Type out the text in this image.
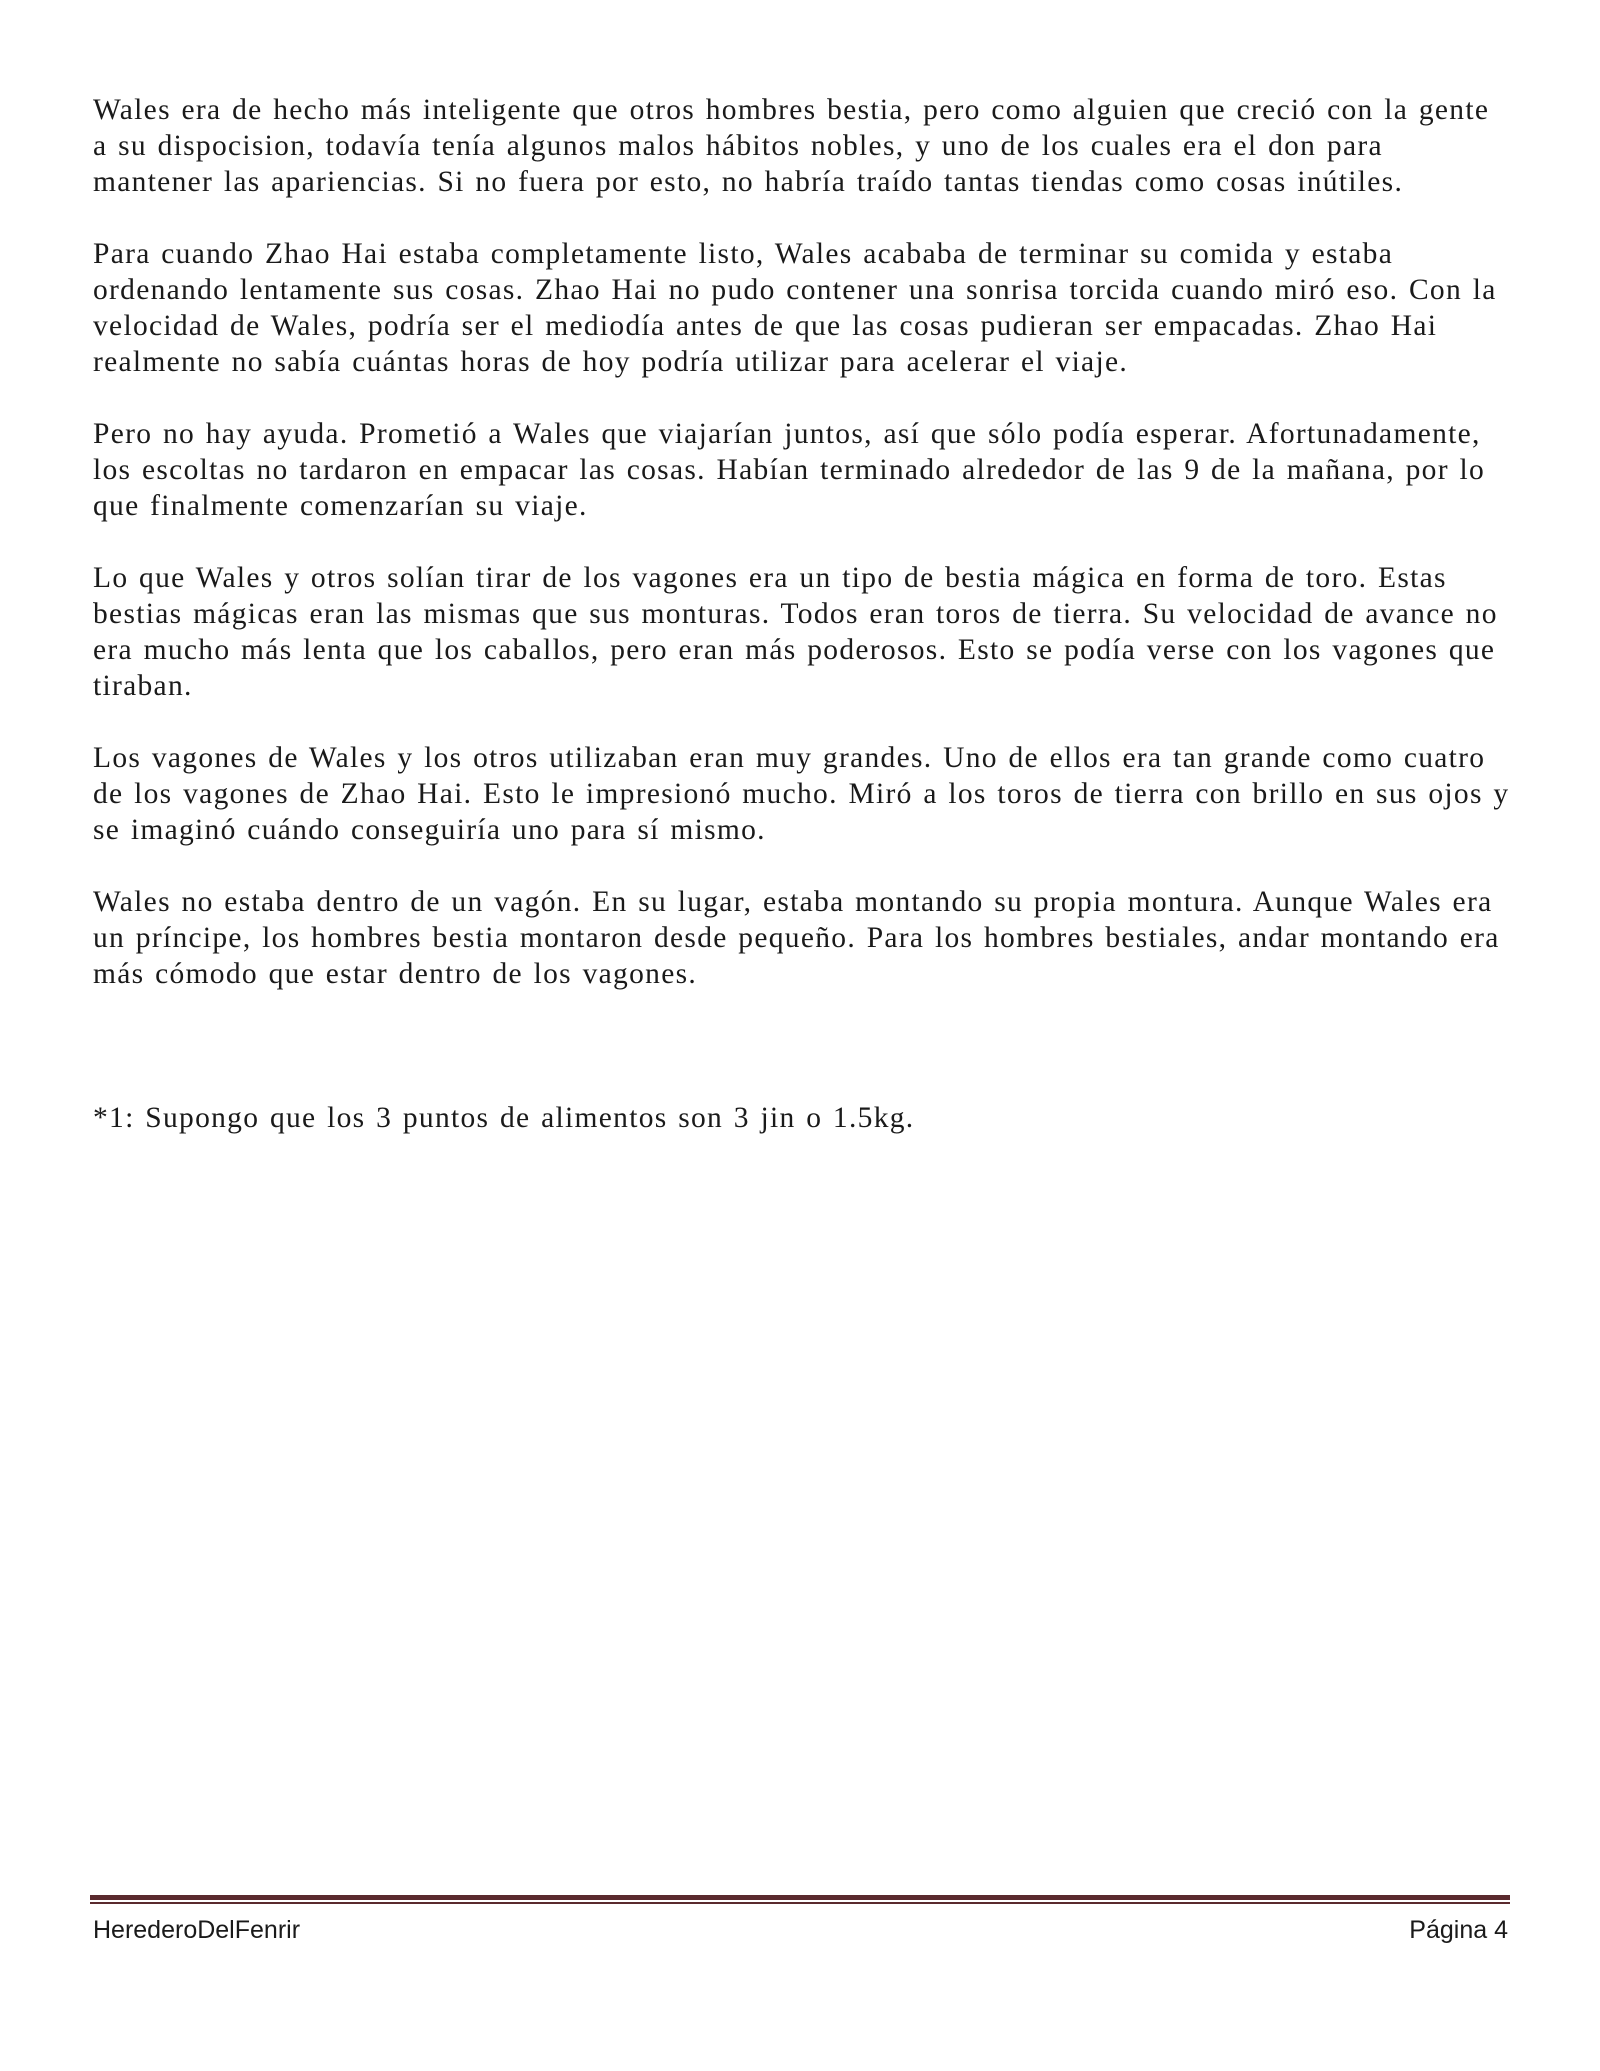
Wales era de hecho más inteligente que otros hombres bestia, pero como alguien que creció con la gente a su dispocision, todavía tenía algunos malos hábitos nobles, y uno de los cuales era el don para mantener las apariencias. Si no fuera por esto, no habría traído tantas tiendas como cosas inútiles.

Para cuando Zhao Hai estaba completamente listo, Wales acababa de terminar su comida y estaba ordenando lentamente sus cosas. Zhao Hai no pudo contener una sonrisa torcida cuando miró eso. Con la velocidad de Wales, podría ser el mediodía antes de que las cosas pudieran ser empacadas. Zhao Hai realmente no sabía cuántas horas de hoy podría utilizar para acelerar el viaje.

Pero no hay ayuda. Prometió a Wales que viajarían juntos, así que sólo podía esperar. Afortunadamente, los escoltas no tardaron en empacar las cosas. Habían terminado alrededor de las 9 de la mañana, por lo que finalmente comenzarían su viaje.

Lo que Wales y otros solían tirar de los vagones era un tipo de bestia mágica en forma de toro. Estas bestias mágicas eran las mismas que sus monturas. Todos eran toros de tierra. Su velocidad de avance no era mucho más lenta que los caballos, pero eran más poderosos. Esto se podía verse con los vagones que tiraban.

Los vagones de Wales y los otros utilizaban eran muy grandes. Uno de ellos era tan grande como cuatro de los vagones de Zhao Hai. Esto le impresionó mucho. Miró a los toros de tierra con brillo en sus ojos y se imaginó cuándo conseguiría uno para sí mismo.

Wales no estaba dentro de un vagón. En su lugar, estaba montando su propia montura. Aunque Wales era un príncipe, los hombres bestia montaron desde pequeño. Para los hombres bestiales, andar montando era más cómodo que estar dentro de los vagones.

*1: Supongo que los 3 puntos de alimentos son 3 jin o 1.5kg.

HerederoDelFenrir	Página 4
